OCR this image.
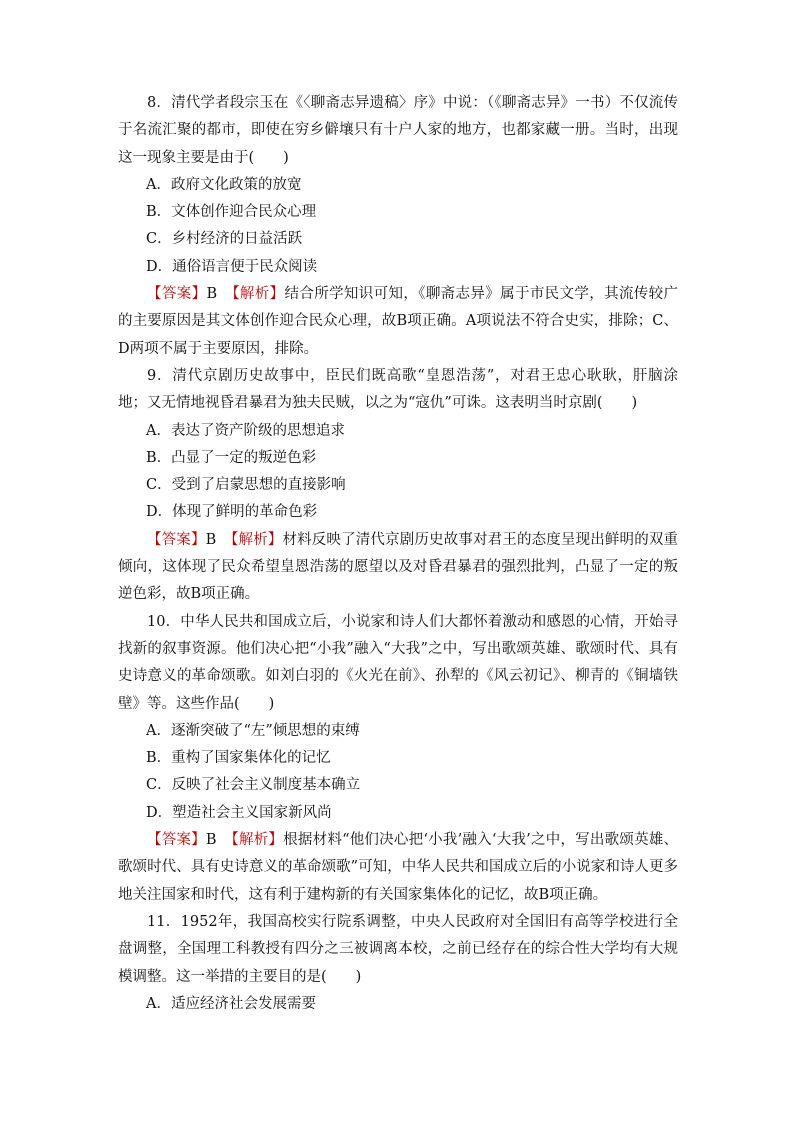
8．清代学者段宗玉在《〈聊斋志异遗稿〉序》中说：（《聊斋志异》一书）不仅流传于名流汇聚的都市，即使在穷乡僻壤只有十户人家的地方，也都家藏一册。当时，出现这一现象主要是由于(　　)

A．政府文化政策的放宽

B．文体创作迎合民众心理

C．乡村经济的日益活跃

D．通俗语言便于民众阅读

【答案】B　 【解析】结合所学知识可知，《聊斋志异》属于市民文学，其流传较广的主要原因是其文体创作迎合民众心理，故B项正确。A项说法不符合史实，排除；C、D两项不属于主要原因，排除。

9．清代京剧历史故事中，臣民们既高歌“皇恩浩荡”，对君王忠心耿耿，肝脑涂地；又无情地视昏君暴君为独夫民贼，以之为“寇仇”可诛。这表明当时京剧(　　)

A．表达了资产阶级的思想追求

B．凸显了一定的叛逆色彩

C．受到了启蒙思想的直接影响

D．体现了鲜明的革命色彩

【答案】B　 【解析】材料反映了清代京剧历史故事对君王的态度呈现出鲜明的双重倾向，这体现了民众希望皇恩浩荡的愿望以及对昏君暴君的强烈批判，凸显了一定的叛逆色彩，故B项正确。

10．中华人民共和国成立后，小说家和诗人们大都怀着激动和感恩的心情，开始寻找新的叙事资源。他们决心把“小我”融入“大我”之中，写出歌颂英雄、歌颂时代、具有史诗意义的革命颂歌。如刘白羽的《火光在前》、孙犁的《风云初记》、柳青的《铜墙铁壁》等。这些作品(　　)

A．逐渐突破了“左”倾思想的束缚

B．重构了国家集体化的记忆

C．反映了社会主义制度基本确立

D．塑造社会主义国家新风尚

【答案】B　 【解析】根据材料“他们决心把‘小我’融入‘大我’之中，写出歌颂英雄、歌颂时代、具有史诗意义的革命颂歌”可知，中华人民共和国成立后的小说家和诗人更多地关注国家和时代，这有利于建构新的有关国家集体化的记忆，故B项正确。

11．1952年，我国高校实行院系调整，中央人民政府对全国旧有高等学校进行全盘调整，全国理工科教授有四分之三被调离本校，之前已经存在的综合性大学均有大规模调整。这一举措的主要目的是(　　)

A．适应经济社会发展需要
